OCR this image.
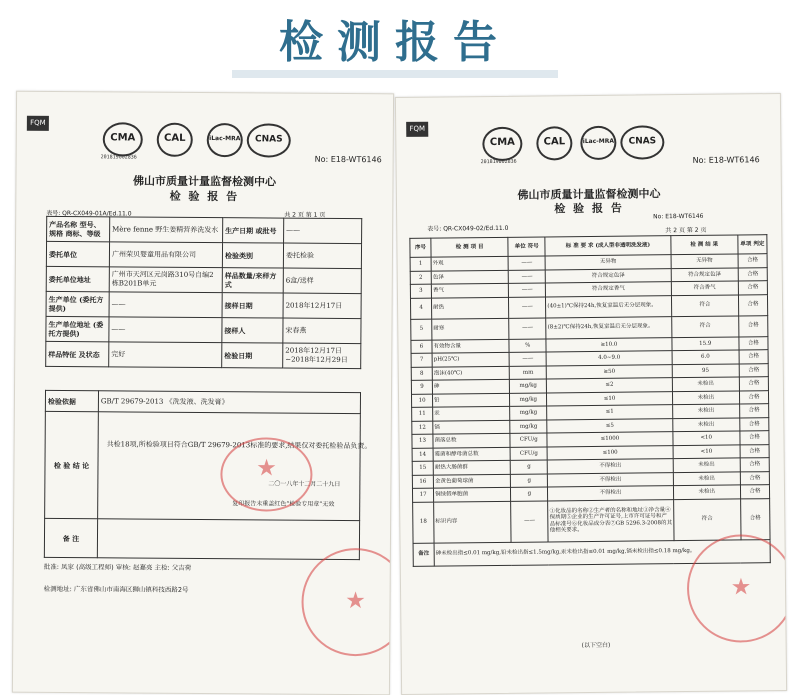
检测报告
FQM
CMA
201819002836
CAL	iLac-MRA	CNAS
No: E18-WT6146
佛山市质量计量监督检测中心
检 验 报 告
表号: QR-CX049-01A/Ed.11.0	共 2 页 第 1 页
产品名称 型号、规格 商标、等级	Mère fenne 野生姜精营养洗发水	生产日期 或批号	——
委托单位	广州荣贝婴童用品有限公司	检验类别	委托检验
委托单位地址	广州市天河区元岗路310号自编2栋B201B单元	样品数量/来样方式	6盒/送样
生产单位 (委托方提供)	——	接样日期	2018年12月17日
生产单位地址 (委托方提供)	——	接样人	宋春燕
样品特征 及状态	完好	检验日期	2018年12月17日 ~2018年12月29日
检验依据	GB/T 29679-2013 《洗发液、洗发膏》
检 验 结 论	共检18项,所检验项目符合GB/T 29679-2013标准的要求,结果仅对委托检验品负责。
二〇一八年十二月二十九日
复印报告未重盖红色“检验专用章”无效

备 注	
★
批准: 凤家 (高级工程师) 审核: 赵嘉亮 主检: 父吉荷
检测地址: 广东省佛山市南海区狮山镇科技西路2号	★
FQM
CMA
201819002836
CAL	iLac-MRA	CNAS
No: E18-WT6146
佛山市质量计量监督检测中心
检 验 报 告
表号: QR-CX049-02/Ed.11.0
No: E18-WT6146
共 2 页 第 2 页
序号	检 测 项 目	单位 符号	标 准 要 求 (成人型非透明洗发液)	检 测 结 果	单项 判定
1	外观	——	无异物	无异物	合格
2	色泽	——	符合规定色泽	符合规定色泽	合格
3	香气	——	符合规定香气	符合香气	合格
4	耐热	——	(40±1)℃保持24h,恢复室温后无分层现象。	符合	合格
5	耐寒	——	(8±2)℃保持24h,恢复室温后无分层现象。	符合	合格
6	有效物含量	%	≥10.0	15.9	合格
7	pH(25℃)	——	4.0~9.0	6.0	合格
8	泡沫(40℃)	mm	≥50	95	合格
9	砷	mg/kg	≤2	未检出	合格
10	铅	mg/kg	≤10	未检出	合格
11	汞	mg/kg	≤1	未检出	合格
12	镉	mg/kg	≤5	未检出	合格
13	菌落总数	CFU/g	≤1000	<10	合格
14	霉菌和酵母菌总数	CFU/g	≤100	<10	合格
15	耐热大肠菌群	g	不得检出	未检出	合格
16	金黄色葡萄球菌	g	不得检出	未检出	合格
17	铜绿假单胞菌	g	不得检出	未检出	合格
18	标识内容	——	①化妆品的名称②生产者的名称和地址③净含量④保质期⑤企业的生产许可证号,上市许可证号和产品标准号⑥化妆品成分表⑦GB 5296.3-2008的其他相关要求。	符合	合格
备注	砷未检出指≤0.01 mg/kg,铅未检出指≤1.5mg/kg,汞未检出指≤0.01 mg/kg,镉未检出指≤0.18 mg/kg。				
(以下空白)
★
